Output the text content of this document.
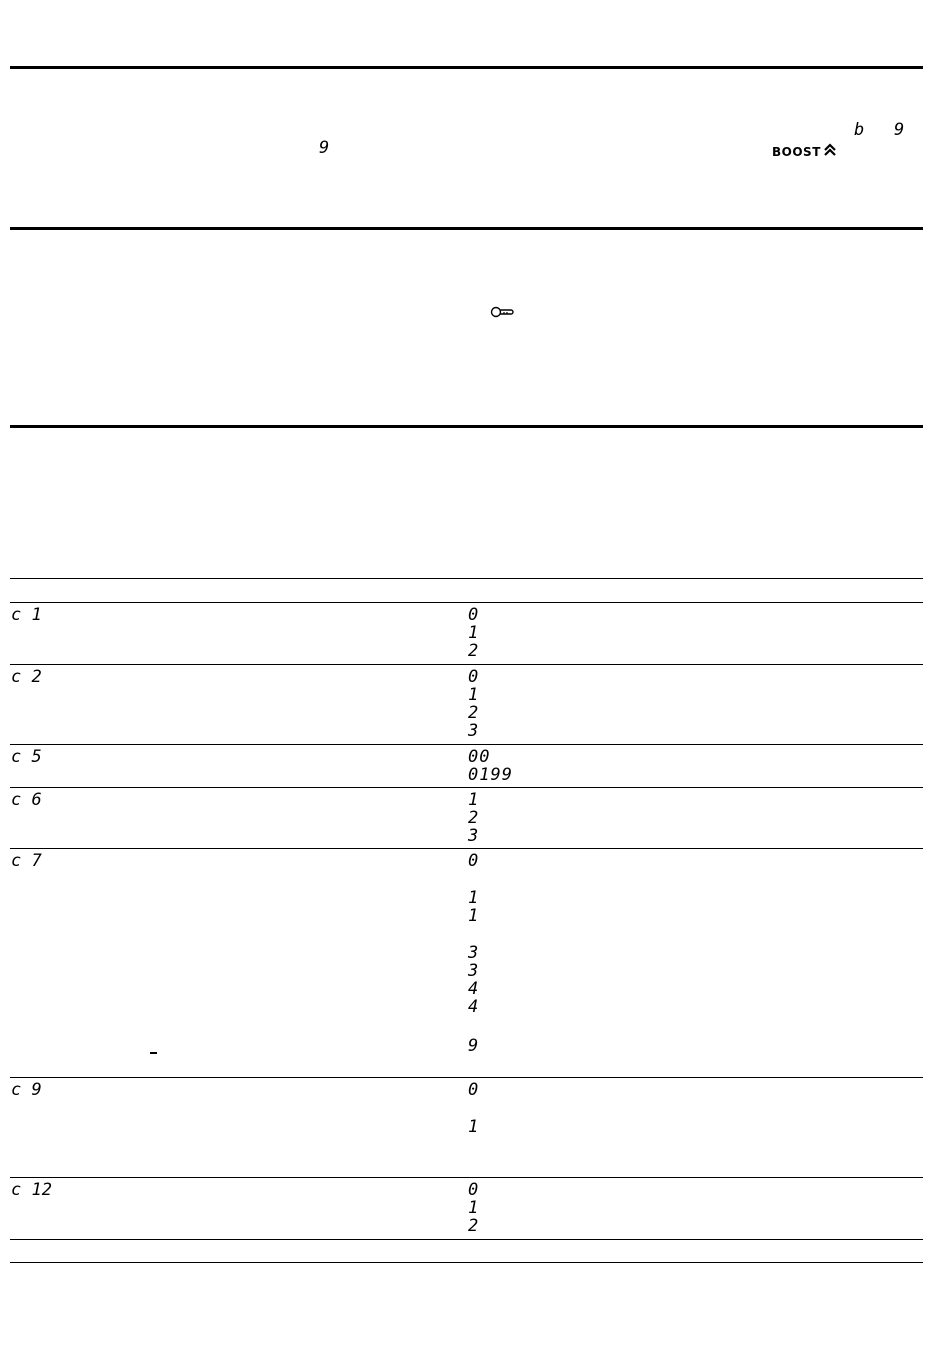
9	BOOST
b 9
c 1	0
1
2
c 2	0
1
2
3
c 5	00
0199
c 6	1
2
3
c 7	0
1
1
3
3
4
4
9
c 9	0
1
c 12	0
1
2
